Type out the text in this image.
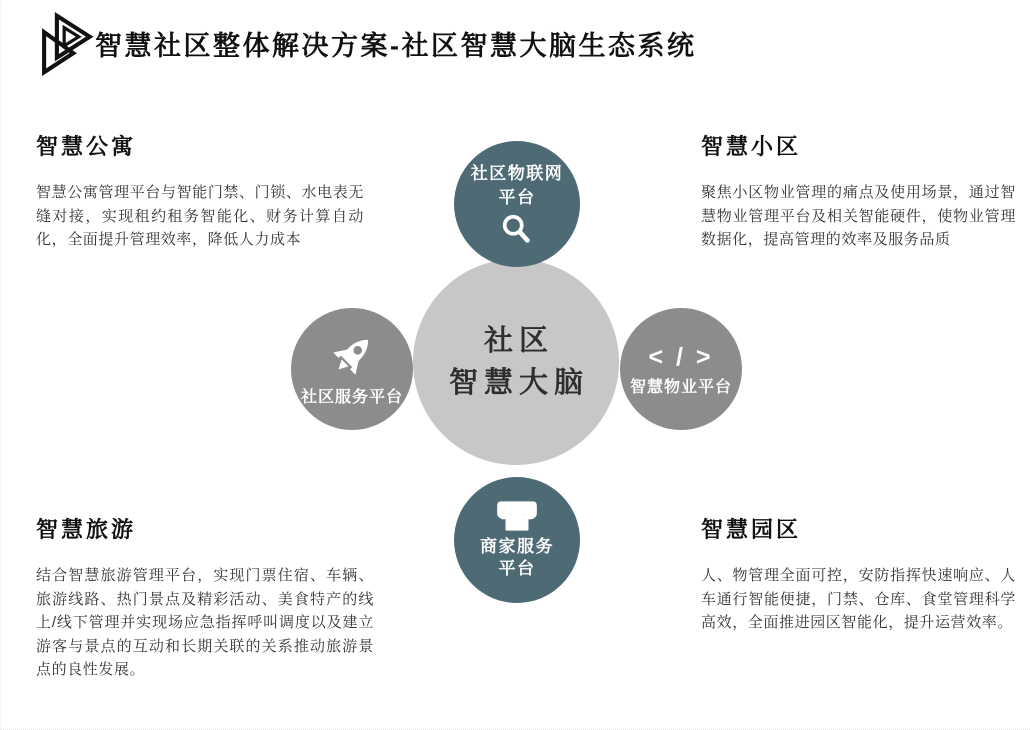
智慧社区整体解决方案-社区智慧大脑生态系统
智慧公寓

智慧公寓管理平台与智能门禁、门锁、水电表无缝对接，实现租约租务智能化、财务计算自动化，全面提升管理效率，降低人力成本

智慧小区

聚焦小区物业管理的痛点及使用场景，通过智慧物业管理平台及相关智能硬件，使物业管理数据化，提高管理的效率及服务品质

智慧旅游

结合智慧旅游管理平台，实现门票住宿、车辆、旅游线路、热门景点及精彩活动、美食特产的线上/线下管理并实现场应急指挥呼叫调度以及建立游客与景点的互动和长期关联的关系推动旅游景点的良性发展。

智慧园区

人、物管理全面可控，安防指挥快速响应、人车通行智能便捷，门禁、仓库、食堂管理科学高效，全面推进园区智能化，提升运营效率。

社区
智慧大脑
社区物联网
平台
社区服务平台
< / >
智慧物业平台
商家服务
平台
